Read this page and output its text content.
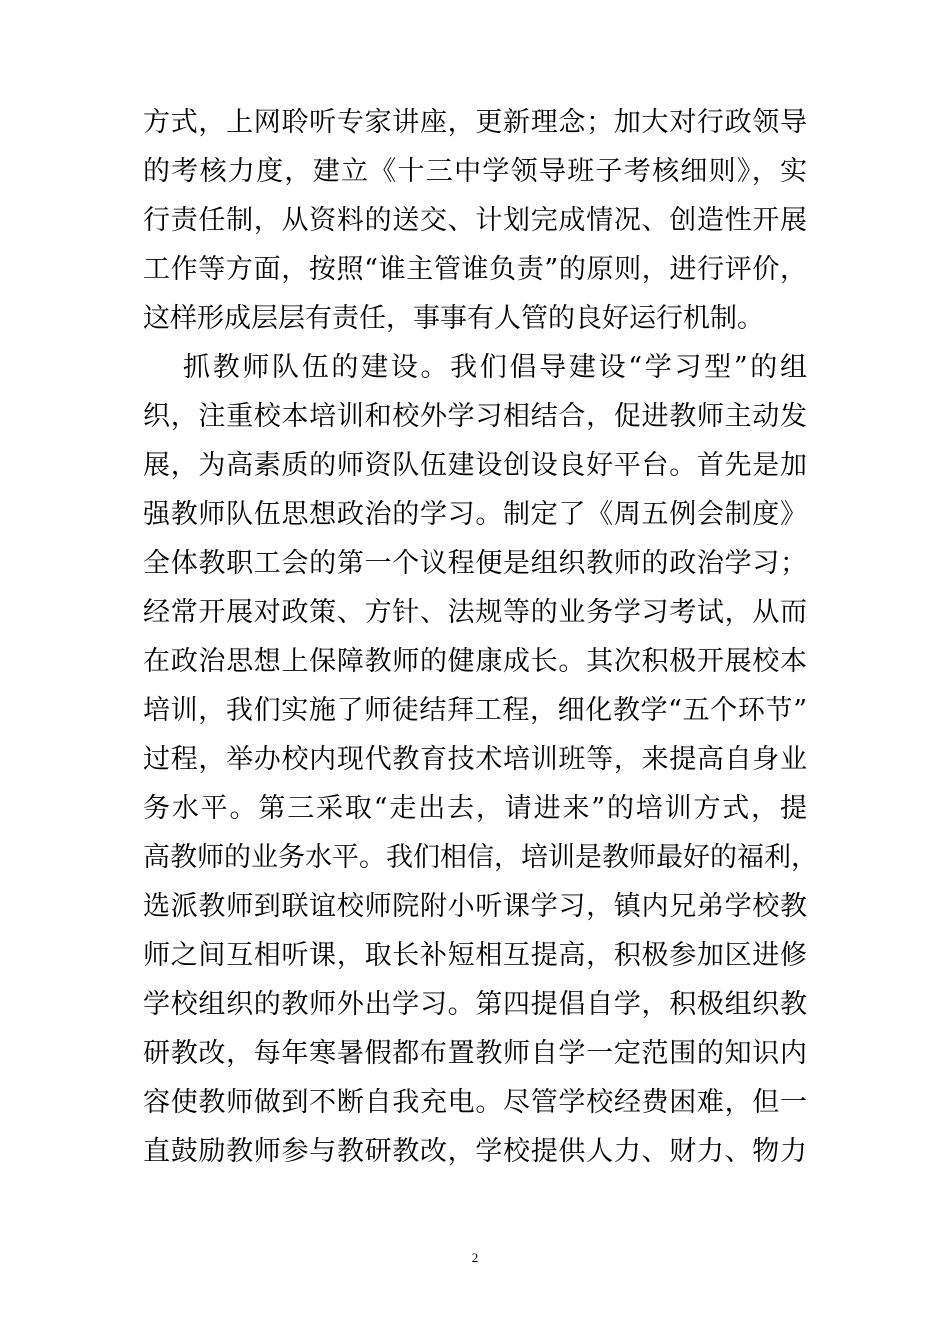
方式，上网聆听专家讲座，更新理念；加大对行政领导
的考核力度，建立《十三中学领导班子考核细则》，实
行责任制，从资料的送交、计划完成情况、创造性开展
工作等方面，按照“谁主管谁负责”的原则，进行评价，
这样形成层层有责任，事事有人管的良好运行机制。
抓教师队伍的建设。我们倡导建设“学习型”的组
织，注重校本培训和校外学习相结合，促进教师主动发
展，为高素质的师资队伍建设创设良好平台。首先是加
强教师队伍思想政治的学习。制定了《周五例会制度》
全体教职工会的第一个议程便是组织教师的政治学习；
经常开展对政策、方针、法规等的业务学习考试，从而
在政治思想上保障教师的健康成长。其次积极开展校本
培训，我们实施了师徒结拜工程，细化教学“五个环节”
过程，举办校内现代教育技术培训班等，来提高自身业
务水平。第三采取“走出去，请进来”的培训方式，提
高教师的业务水平。我们相信，培训是教师最好的福利，
选派教师到联谊校师院附小听课学习，镇内兄弟学校教
师之间互相听课，取长补短相互提高，积极参加区进修
学校组织的教师外出学习。第四提倡自学，积极组织教
研教改，每年寒暑假都布置教师自学一定范围的知识内
容使教师做到不断自我充电。尽管学校经费困难，但一
直鼓励教师参与教研教改，学校提供人力、财力、物力
2
